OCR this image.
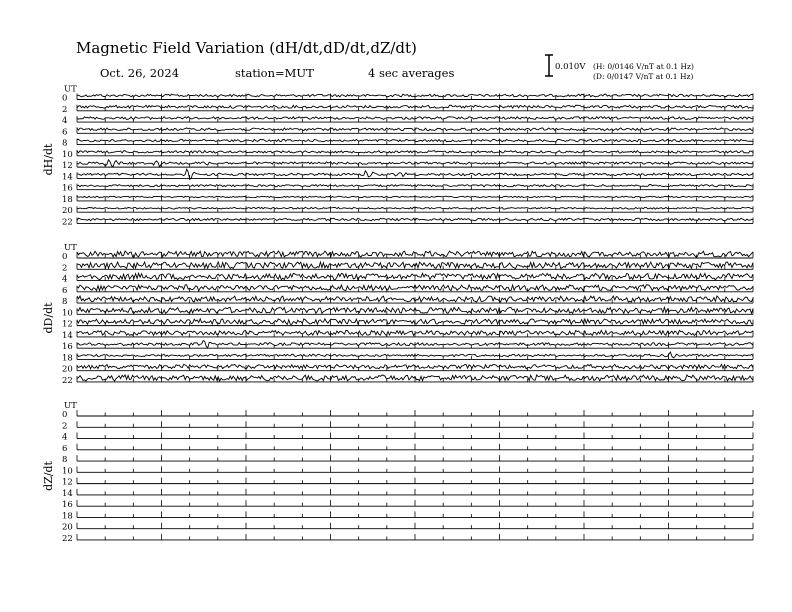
Magnetic Field Variation (dH/dt,dD/dt,dZ/dt)
Oct. 26, 2024	station=MUT	4 sec averages	0.010V (H: 0/0146 V/nT at 0.1 Hz)
(D: 0/0147 V/nT at 0.1 Hz)
UT
dH/dt
0
2
4
6
8
10
12
14
16
18
20
22
UT
dD/dt
0
2
4
6
8
10
12
14
16
18
20
22
UT
dZ/dt
0
2
4
6
8
10
12
14
16
18
20
22
